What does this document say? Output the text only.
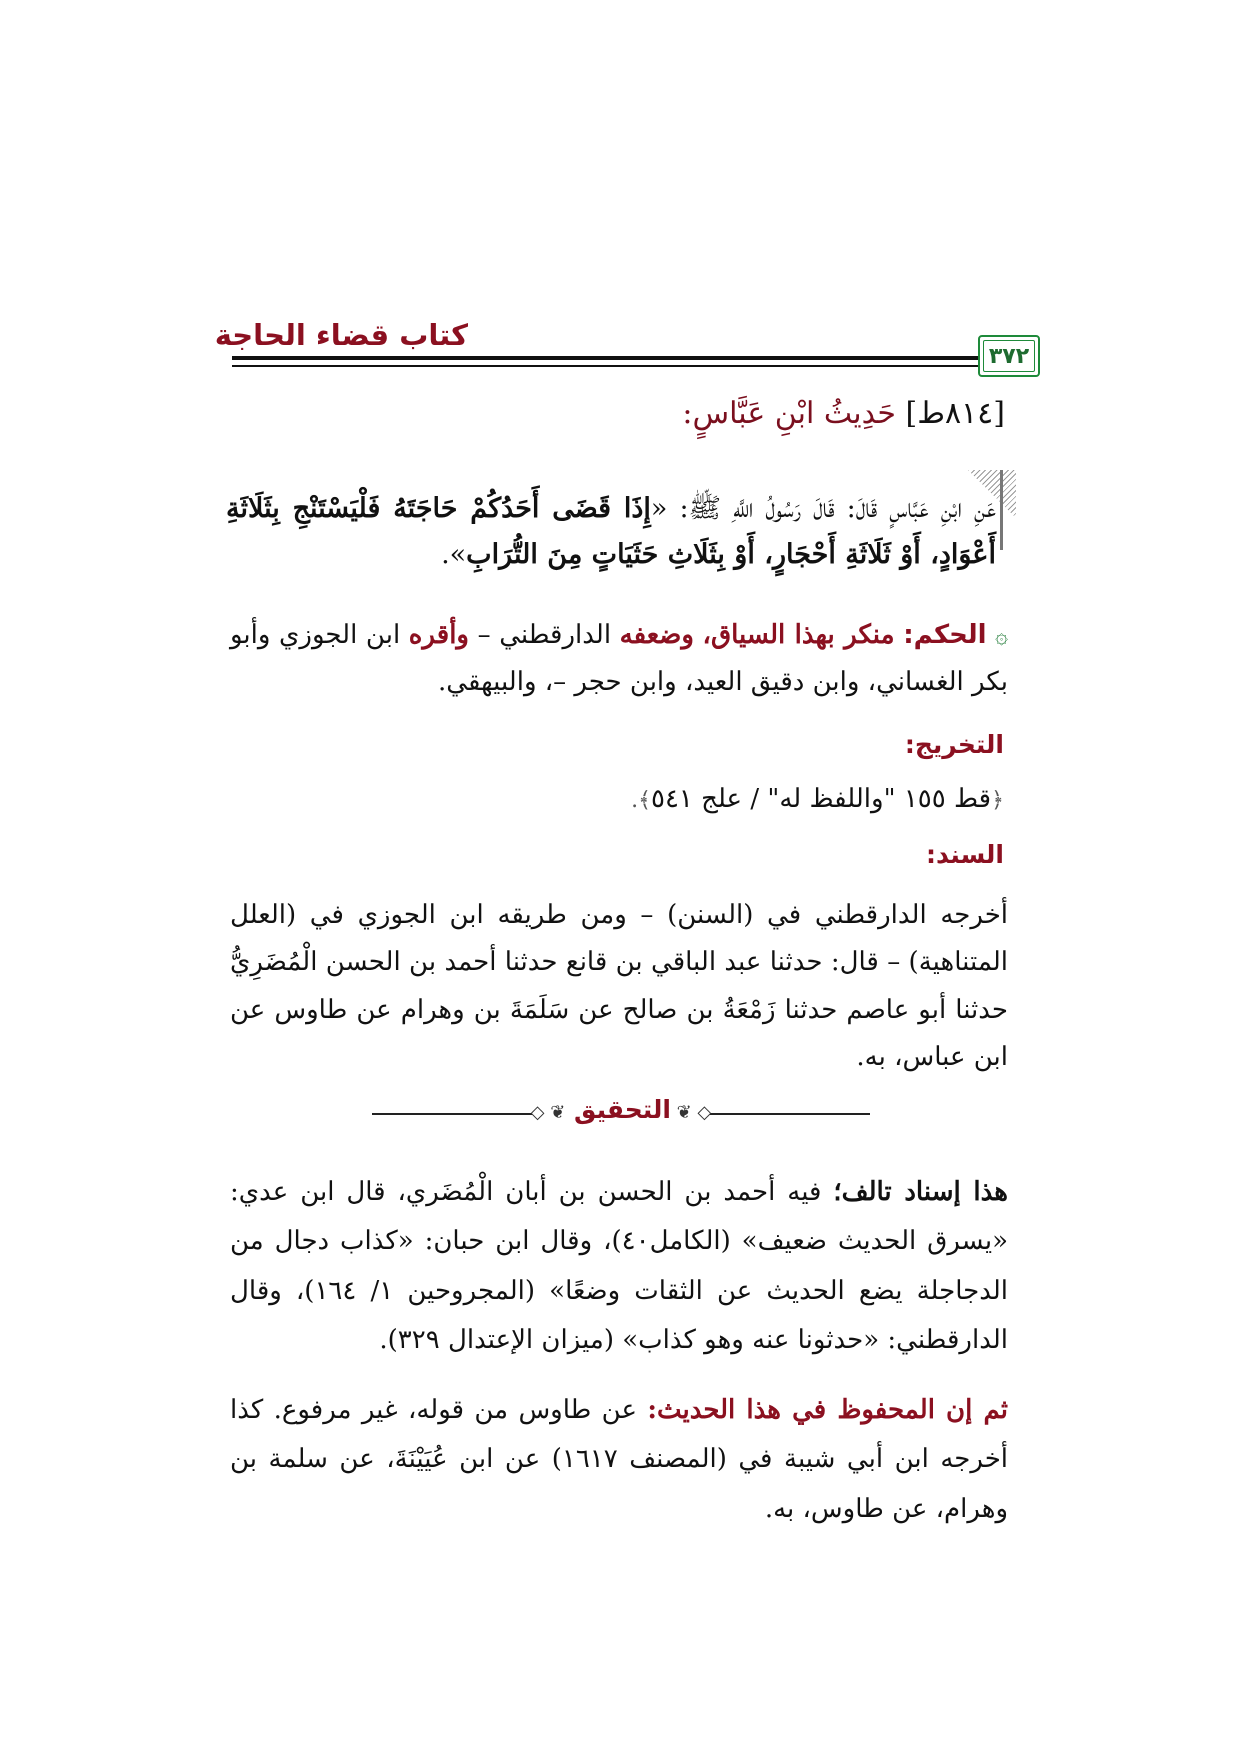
كتاب قضاء الحاجة
٣٧٢
[٨١٤ط] حَدِيثُ ابْنِ عَبَّاسٍ:
عَنِ ابْنِ عَبَّاسٍ قَالَ: قَالَ رَسُولُ اللَّهِ ﷺ: «إِذَا قَضَى أَحَدُكُمْ حَاجَتَهُ فَلْيَسْتَنْجِ بِثَلَاثَةِ أَعْوَادٍ، أَوْ ثَلَاثَةِ أَحْجَارٍ، أَوْ بِثَلَاثِ حَثَيَاتٍ مِنَ التُّرَابِ».
۞ الحكم: منكر بهذا السياق، وضعفه الدارقطني – وأقره ابن الجوزي وأبو بكر الغساني، وابن دقيق العيد، وابن حجر –، والبيهقي.
التخريج:
﴿قط ١٥٥ "واللفظ له" / علج ٥٤١﴾.
السند:
أخرجه الدارقطني في (السنن) – ومن طريقه ابن الجوزي في (العلل المتناهية) – قال: حدثنا عبد الباقي بن قانع حدثنا أحمد بن الحسن الْمُضَرِيُّ حدثنا أبو عاصم حدثنا زَمْعَةُ بن صالح عن سَلَمَةَ بن وهرام عن طاوس عن ابن عباس، به.
◇ ❦ التحقيق ❦ ◇
هذا إسناد تالف؛ فيه أحمد بن الحسن بن أبان الْمُضَري، قال ابن عدي: «يسرق الحديث ضعيف» (الكامل٤٠)، وقال ابن حبان: «كذاب دجال من الدجاجلة يضع الحديث عن الثقات وضعًا» (المجروحين ١/ ١٦٤)، وقال الدارقطني: «حدثونا عنه وهو كذاب» (ميزان الإعتدال ٣٢٩).
ثم إن المحفوظ في هذا الحديث: عن طاوس من قوله، غير مرفوع. كذا أخرجه ابن أبي شيبة في (المصنف ١٦١٧) عن ابن عُيَيْنَةَ، عن سلمة بن وهرام، عن طاوس، به.
